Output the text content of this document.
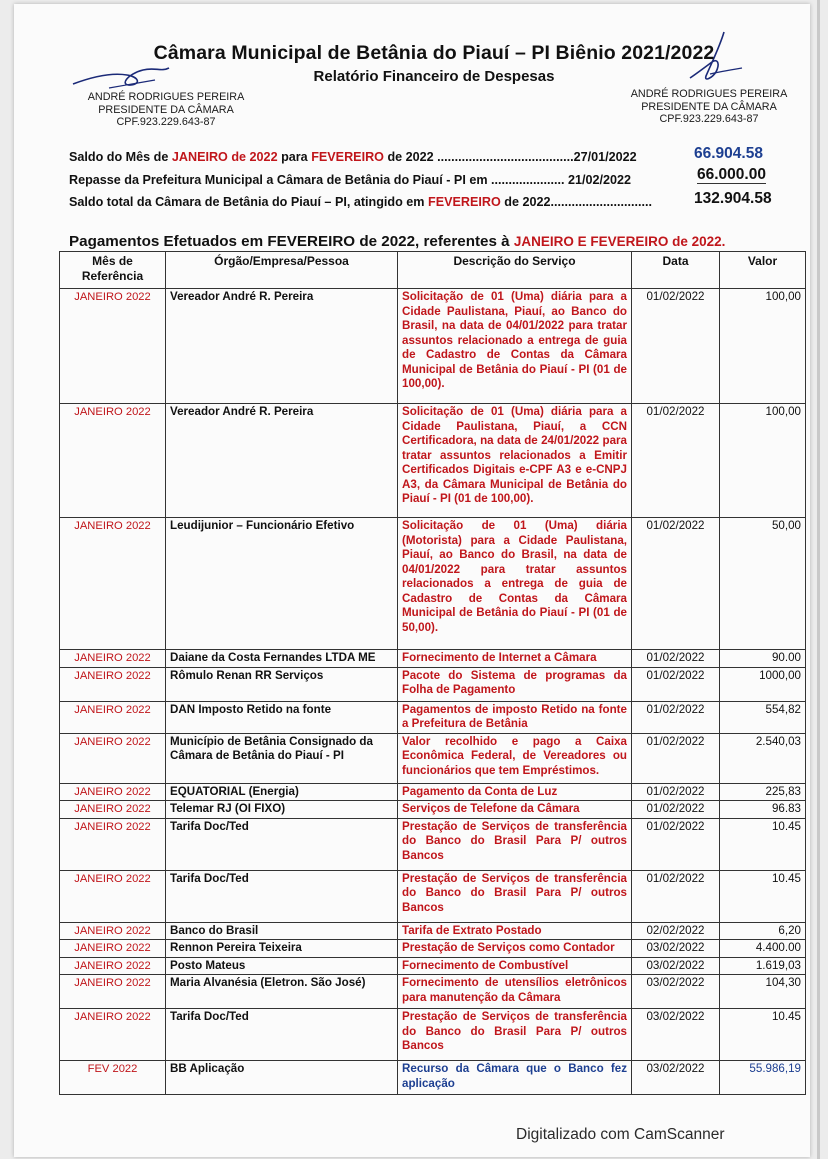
Câmara Municipal de Betânia do Piauí – PI Biênio 2021/2022
Relatório Financeiro de Despesas
ANDRÉ RODRIGUES PEREIRA
PRESIDENTE DA CÂMARA
CPF.923.229.643-87
ANDRÉ RODRIGUES PEREIRA
PRESIDENTE DA CÂMARA
CPF.923.229.643-87
Saldo do Mês de JANEIRO de 2022 para FEVEREIRO de 2022 .......................................27/01/2022	66.904.58
Repasse da Prefeitura Municipal a Câmara de Betânia do Piauí - PI em ..................... 21/02/2022	66.000.00
Saldo total da Câmara de Betânia do Piauí – PI, atingido em FEVEREIRO de 2022.............................	132.904.58
Pagamentos Efetuados em FEVEREIRO de 2022, referentes à JANEIRO E FEVEREIRO de 2022.
Mês de Referência	Órgão/Empresa/Pessoa	Descrição do Serviço	Data	Valor
JANEIRO 2022	Vereador André R. Pereira	Solicitação de 01 (Uma) diária para a Cidade Paulistana, Piauí, ao Banco do Brasil, na data de 04/01/2022 para tratar assuntos relacionado a entrega de guia de Cadastro de Contas da Câmara Municipal de Betânia do Piauí - PI (01 de 100,00).	01/02/2022	100,00
JANEIRO 2022	Vereador André R. Pereira	Solicitação de 01 (Uma) diária para a Cidade Paulistana, Piauí, a CCN Certificadora, na data de 24/01/2022 para tratar assuntos relacionados a Emitir Certificados Digitais e-CPF A3 e e-CNPJ A3, da Câmara Municipal de Betânia do Piauí - PI (01 de 100,00).	01/02/2022	100,00
JANEIRO 2022	Leudijunior – Funcionário Efetivo	Solicitação de 01 (Uma) diária (Motorista) para a Cidade Paulistana, Piauí, ao Banco do Brasil, na data de 04/01/2022 para tratar assuntos relacionados a entrega de guia de Cadastro de Contas da Câmara Municipal de Betânia do Piauí - PI (01 de 50,00).	01/02/2022	50,00
JANEIRO 2022	Daiane da Costa Fernandes LTDA ME	Fornecimento de Internet a Câmara	01/02/2022	90.00
JANEIRO 2022	Rômulo Renan RR Serviços	Pacote do Sistema de programas da Folha de Pagamento	01/02/2022	1000,00
JANEIRO 2022	DAN Imposto Retido na fonte	Pagamentos de imposto Retido na fonte a Prefeitura de Betânia	01/02/2022	554,82
JANEIRO 2022	Município de Betânia Consignado da Câmara de Betânia do Piauí - PI	Valor recolhido e pago a Caixa Econômica Federal, de Vereadores ou funcionários que tem Empréstimos.	01/02/2022	2.540,03
JANEIRO 2022	EQUATORIAL (Energia)	Pagamento da Conta de Luz	01/02/2022	225,83
JANEIRO 2022	Telemar RJ (OI FIXO)	Serviços de Telefone da Câmara	01/02/2022	96.83
JANEIRO 2022	Tarifa Doc/Ted	Prestação de Serviços de transferência do Banco do Brasil Para P/ outros Bancos	01/02/2022	10.45
JANEIRO 2022	Tarifa Doc/Ted	Prestação de Serviços de transferência do Banco do Brasil Para P/ outros Bancos	01/02/2022	10.45
JANEIRO 2022	Banco do Brasil	Tarifa de Extrato Postado	02/02/2022	6,20
JANEIRO 2022	Rennon Pereira Teixeira	Prestação de Serviços como Contador	03/02/2022	4.400.00
JANEIRO 2022	Posto Mateus	Fornecimento de Combustível	03/02/2022	1.619,03
JANEIRO 2022	Maria Alvanésia (Eletron. São José)	Fornecimento de utensílios eletrônicos para manutenção da Câmara	03/02/2022	104,30
JANEIRO 2022	Tarifa Doc/Ted	Prestação de Serviços de transferência do Banco do Brasil Para P/ outros Bancos	03/02/2022	10.45
FEV 2022	BB Aplicação	Recurso da Câmara que o Banco fez aplicação	03/02/2022	55.986,19
Digitalizado com CamScanner
